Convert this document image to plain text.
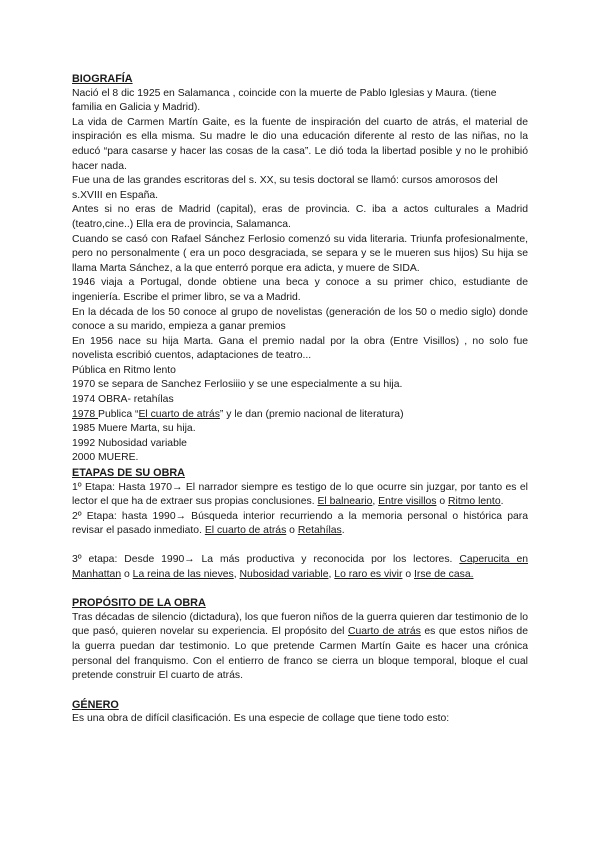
BIOGRAFÍA

Nació el 8 dic 1925 en Salamanca , coincide con la muerte de Pablo Iglesias y Maura. (tiene familia en Galicia y Madrid).

La vida de Carmen Martín Gaite, es la fuente de inspiración del cuarto de atrás, el material de inspiración es ella misma. Su madre le dio una educación diferente al resto de las niñas, no la educó “para casarse y hacer las cosas de la casa”. Le dió toda la libertad posible y no le prohibió hacer nada.

Fue una de las grandes escritoras del s. XX, su tesis doctoral se llamó: cursos amorosos del s.XVIII en España.

Antes si no eras de Madrid (capital), eras de provincia. C. iba a actos culturales a Madrid (teatro,cine..) Ella era de provincia, Salamanca.

Cuando se casó con Rafael Sánchez Ferlosio comenzó su vida literaria. Triunfa profesionalmente, pero no personalmente ( era un poco desgraciada, se separa y se le mueren sus hijos) Su hija se llama Marta Sánchez, a la que enterró porque era adicta, y muere de SIDA.

1946 viaja a Portugal, donde obtiene una beca y conoce a su primer chico, estudiante de ingeniería. Escribe el primer libro, se va a Madrid.

En la década de los 50 conoce al grupo de novelistas (generación de los 50 o medio siglo) donde conoce a su marido, empieza a ganar premios

En 1956 nace su hija Marta. Gana el premio nadal por la obra (Entre Visillos) , no solo fue novelista escribió cuentos, adaptaciones de teatro...

Pública en Ritmo lento

1970 se separa de Sanchez Ferlosiiio y se une especialmente a su hija.

1974 OBRA- retahílas

1978 Publica “El cuarto de atrás” y le dan (premio nacional de literatura)

1985 Muere Marta, su hija.

1992 Nubosidad variable

2000 MUERE.

ETAPAS DE SU OBRA

1º Etapa: Hasta 1970→ El narrador siempre es testigo de lo que ocurre sin juzgar, por tanto es el lector el que ha de extraer sus propias conclusiones. El balneario, Entre visillos o Ritmo lento.

2º Etapa: hasta 1990→ Búsqueda interior recurriendo a la memoria personal o histórica para revisar el pasado inmediato. El cuarto de atrás o Retahílas.

3º etapa: Desde 1990→ La más productiva y reconocida por los lectores. Caperucita en Manhattan o La reina de las nieves, Nubosidad variable, Lo raro es vivir o Irse de casa.

PROPÓSITO DE LA OBRA

Tras décadas de silencio (dictadura), los que fueron niños de la guerra quieren dar testimonio de lo que pasó, quieren novelar su experiencia. El propósito del Cuarto de atrás es que estos niños de la guerra puedan dar testimonio. Lo que pretende Carmen Martín Gaite es hacer una crónica personal del franquismo. Con el entierro de franco se cierra un bloque temporal, bloque el cual pretende construir El cuarto de atrás.

GÉNERO

Es una obra de difícil clasificación. Es una especie de collage que tiene todo esto:
